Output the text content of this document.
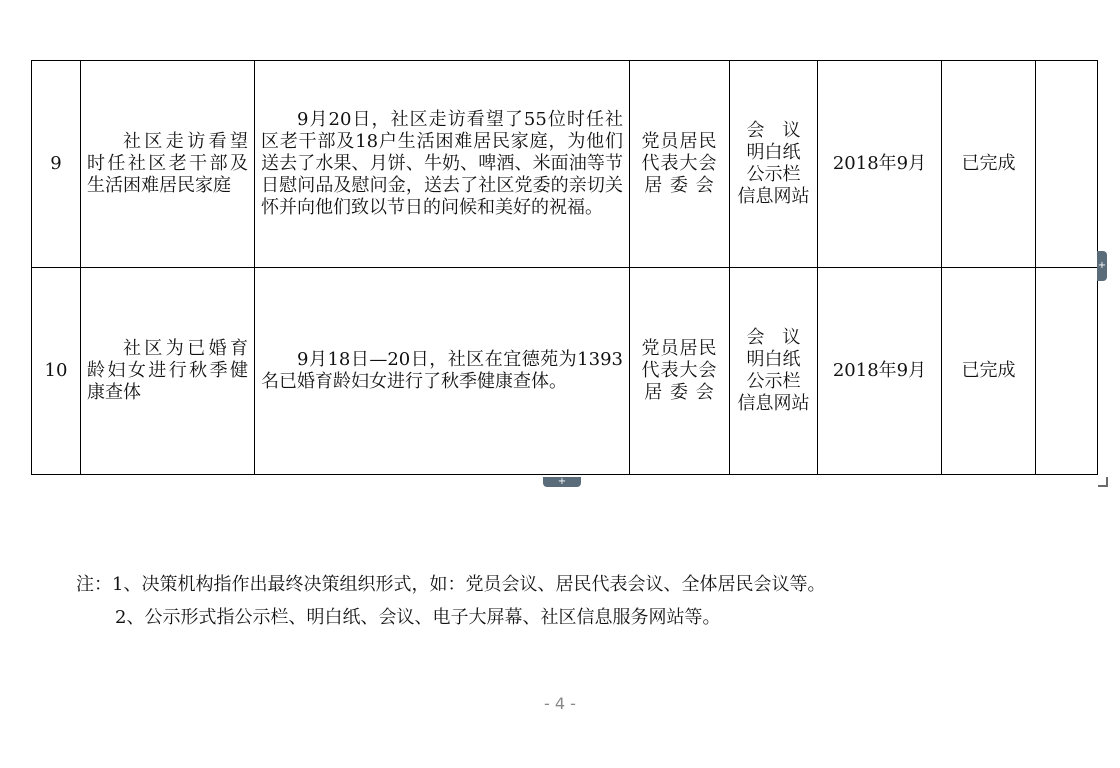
9	社区走访看望时任社区老干部及生活困难居民家庭	9月20日，社区走访看望了55位时任社区老干部及18户生活困难居民家庭，为他们送去了水果、月饼、牛奶、啤酒、米面油等节日慰问品及慰问金，送去了社区党委的亲切关怀并向他们致以节日的问候和美好的祝福。	党员居民
代表大会
居 委 会	会　议
明白纸
公示栏
信息网站	2018年9月	已完成	
10	社区为已婚育龄妇女进行秋季健康查体	9月18日—20日，社区在宜德苑为1393名已婚育龄妇女进行了秋季健康查体。	党员居民
代表大会
居 委 会	会　议
明白纸
公示栏
信息网站	2018年9月	已完成	
+
+
注：1、决策机构指作出最终决策组织形式，如：党员会议、居民代表会议、全体居民会议等。
2、公示形式指公示栏、明白纸、会议、电子大屏幕、社区信息服务网站等。
- 4 -
